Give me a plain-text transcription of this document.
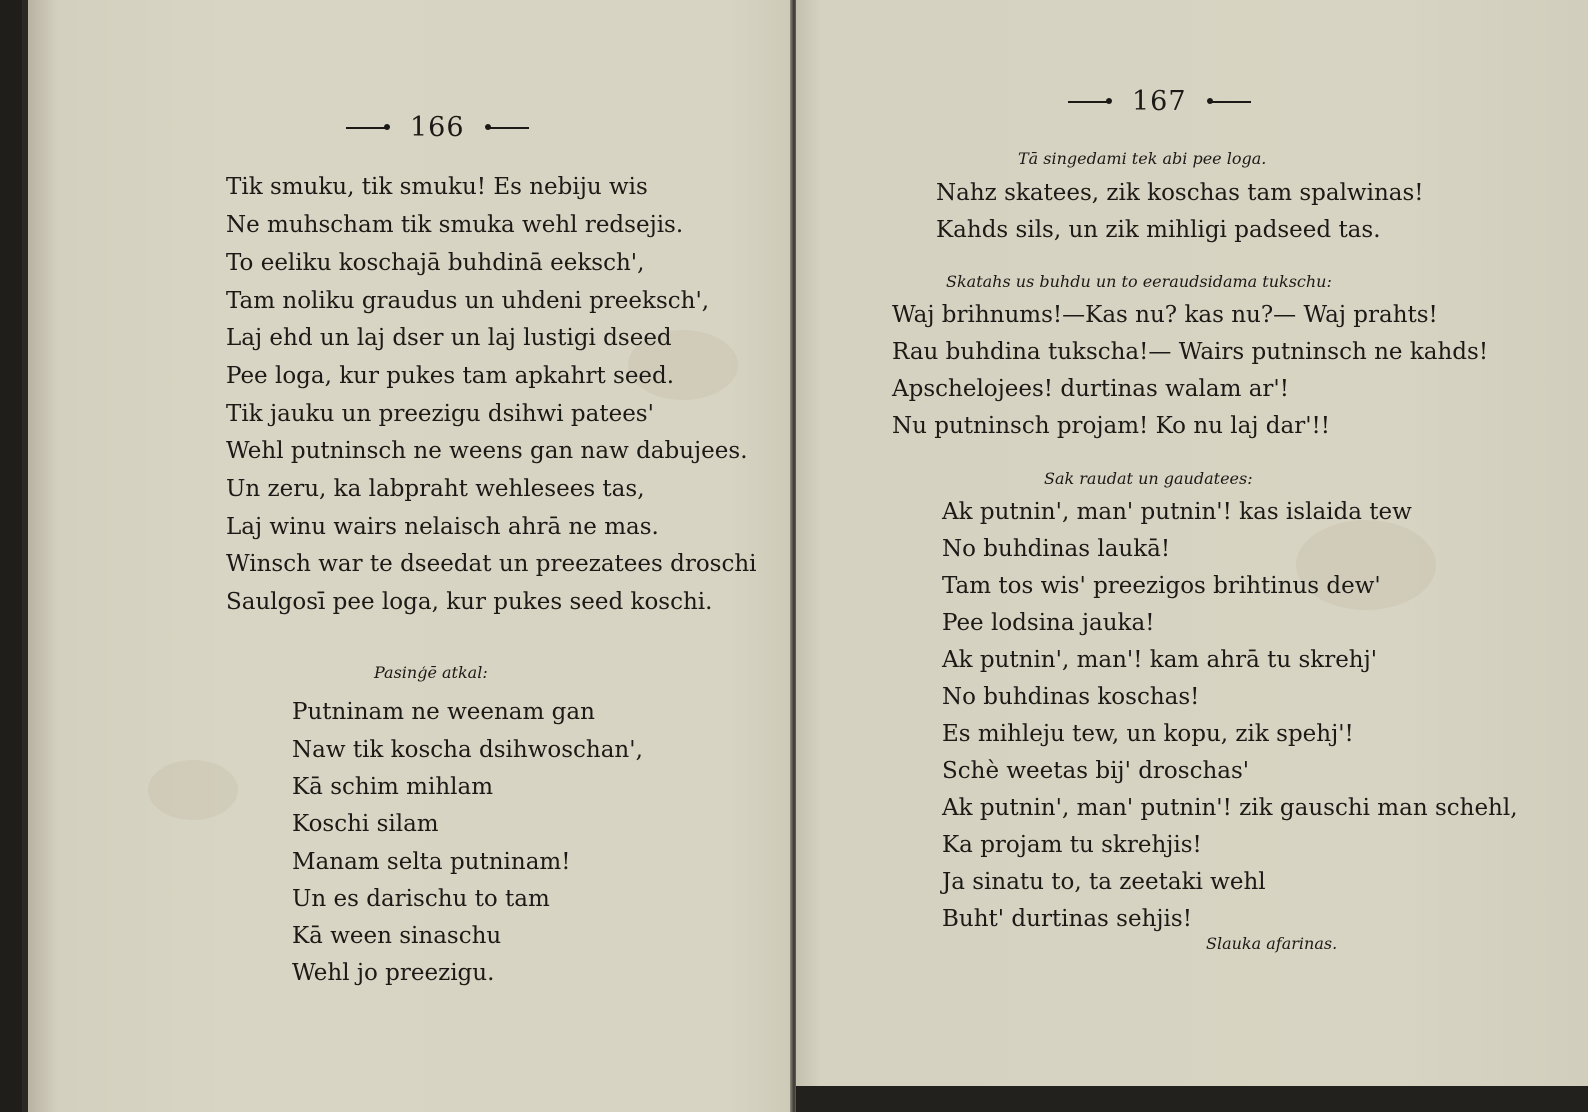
166
Tik smuku, tik smuku! Es nebiju wis
Ne muhscham tik smuka wehl redsejis.
To eeliku koschajā buhdinā eeksch',
Tam noliku graudus un uhdeni preeksch',
Laj ehd un laj dser un laj lustigi dseed
Pee loga, kur pukes tam apkahrt seed.
Tik jauku un preezigu dsihwi patees'
Wehl putninsch ne weens gan naw dabujees.
Un zeru, ka labpraht wehlesees tas,
Laj winu wairs nelaisch ahrā ne mas.
Winsch war te dseedat un preezatees droschi
Saulgosī pee loga, kur pukes seed koschi.
Pasinģē atkal:
Putninam ne weenam gan
Naw tik koscha dsihwoschan',
Kā schim mihlam
Koschi silam
Manam selta putninam!
Un es darischu to tam
Kā ween sinaschu
Wehl jo preezigu.
167
Tā singedami tek abi pee loga.
Nahz skatees, zik koschas tam spalwinas!
Kahds sils, un zik mihligi padseed tas.
Skatahs us buhdu un to eeraudsidama tukschu:
Waj brihnums!—Kas nu? kas nu?— Waj prahts!
Rau buhdina tukscha!— Wairs putninsch ne kahds!
Apschelojees! durtinas walam ar'!
Nu putninsch projam! Ko nu laj dar'!!
Sak raudat un gaudatees:
Ak putnin', man' putnin'! kas islaida tew
No buhdinas laukā!
Tam tos wis' preezigos brihtinus dew'
Pee lodsina jauka!
Ak putnin', man'! kam ahrā tu skrehj'
No buhdinas koschas!
Es mihleju tew, un kopu, zik spehj'!
Schè weetas bij' droschas'
Ak putnin', man' putnin'! zik gauschi man schehl,
Ka projam tu skrehjis!
Ja sinatu to, ta zeetaki wehl
Buht' durtinas sehjis!
Slauka afarinas.
